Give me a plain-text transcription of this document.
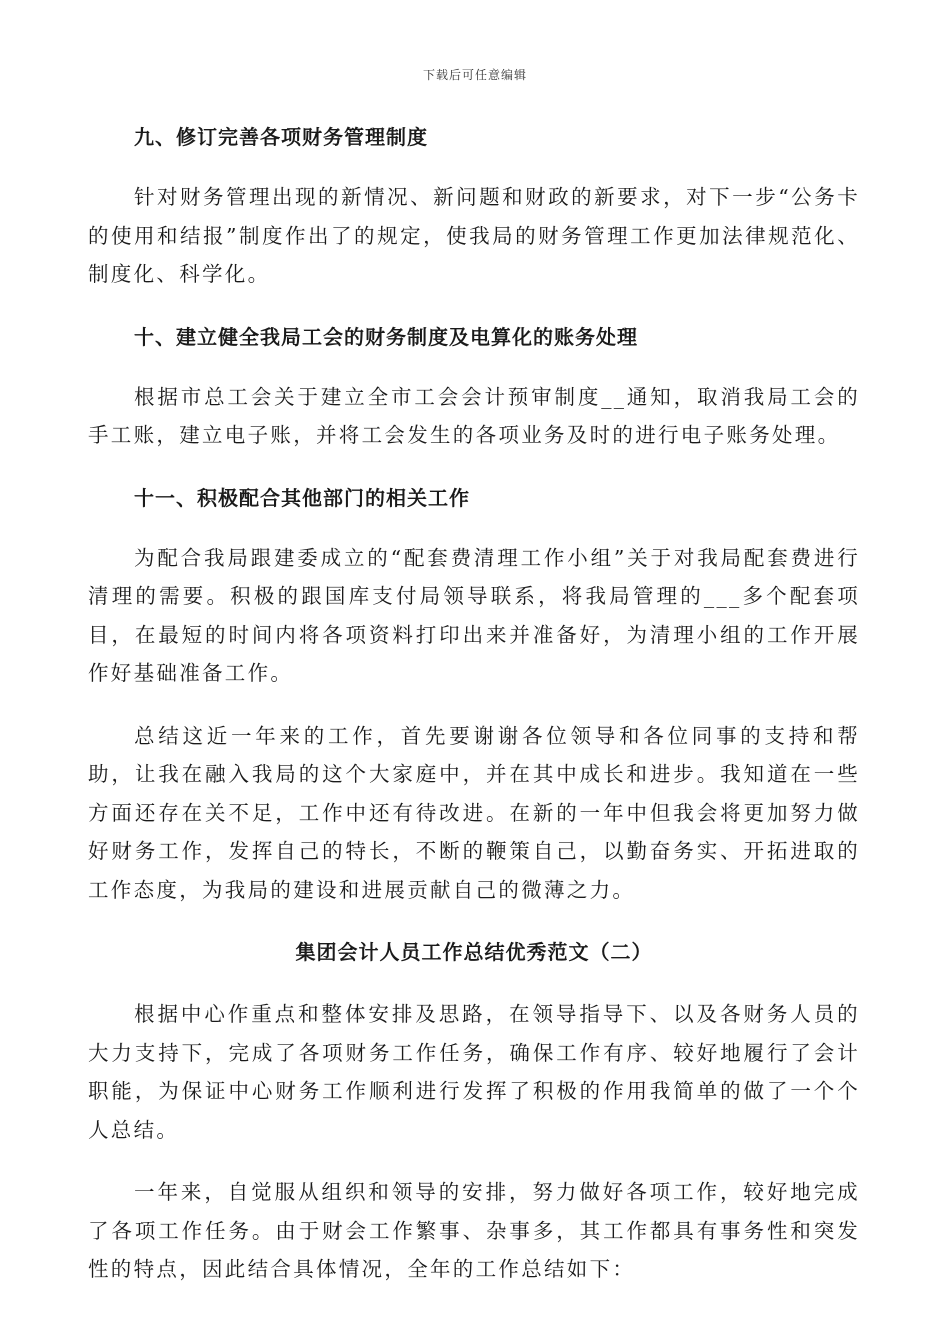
下载后可任意编辑
九、修订完善各项财务管理制度

针对财务管理出现的新情况、新问题和财政的新要求，对下一步“公务卡的使用和结报”制度作出了的规定，使我局的财务管理工作更加法律规范化、制度化、科学化。

十、建立健全我局工会的财务制度及电算化的账务处理

根据市总工会关于建立全市工会会计预审制度__通知，取消我局工会的手工账，建立电子账，并将工会发生的各项业务及时的进行电子账务处理。

十一、积极配合其他部门的相关工作

为配合我局跟建委成立的“配套费清理工作小组”关于对我局配套费进行清理的需要。积极的跟国库支付局领导联系，将我局管理的___多个配套项目，在最短的时间内将各项资料打印出来并准备好，为清理小组的工作开展作好基础准备工作。

总结这近一年来的工作，首先要谢谢各位领导和各位同事的支持和帮助，让我在融入我局的这个大家庭中，并在其中成长和进步。我知道在一些方面还存在关不足，工作中还有待改进。在新的一年中但我会将更加努力做好财务工作，发挥自己的特长，不断的鞭策自己，以勤奋务实、开拓进取的工作态度，为我局的建设和进展贡献自己的微薄之力。

集团会计人员工作总结优秀范文（二）

根据中心作重点和整体安排及思路，在领导指导下、以及各财务人员的大力支持下，完成了各项财务工作任务，确保工作有序、较好地履行了会计职能，为保证中心财务工作顺利进行发挥了积极的作用我简单的做了一个个人总结。

一年来，自觉服从组织和领导的安排，努力做好各项工作，较好地完成了各项工作任务。由于财会工作繁事、杂事多，其工作都具有事务性和突发性的特点，因此结合具体情况，全年的工作总结如下：
